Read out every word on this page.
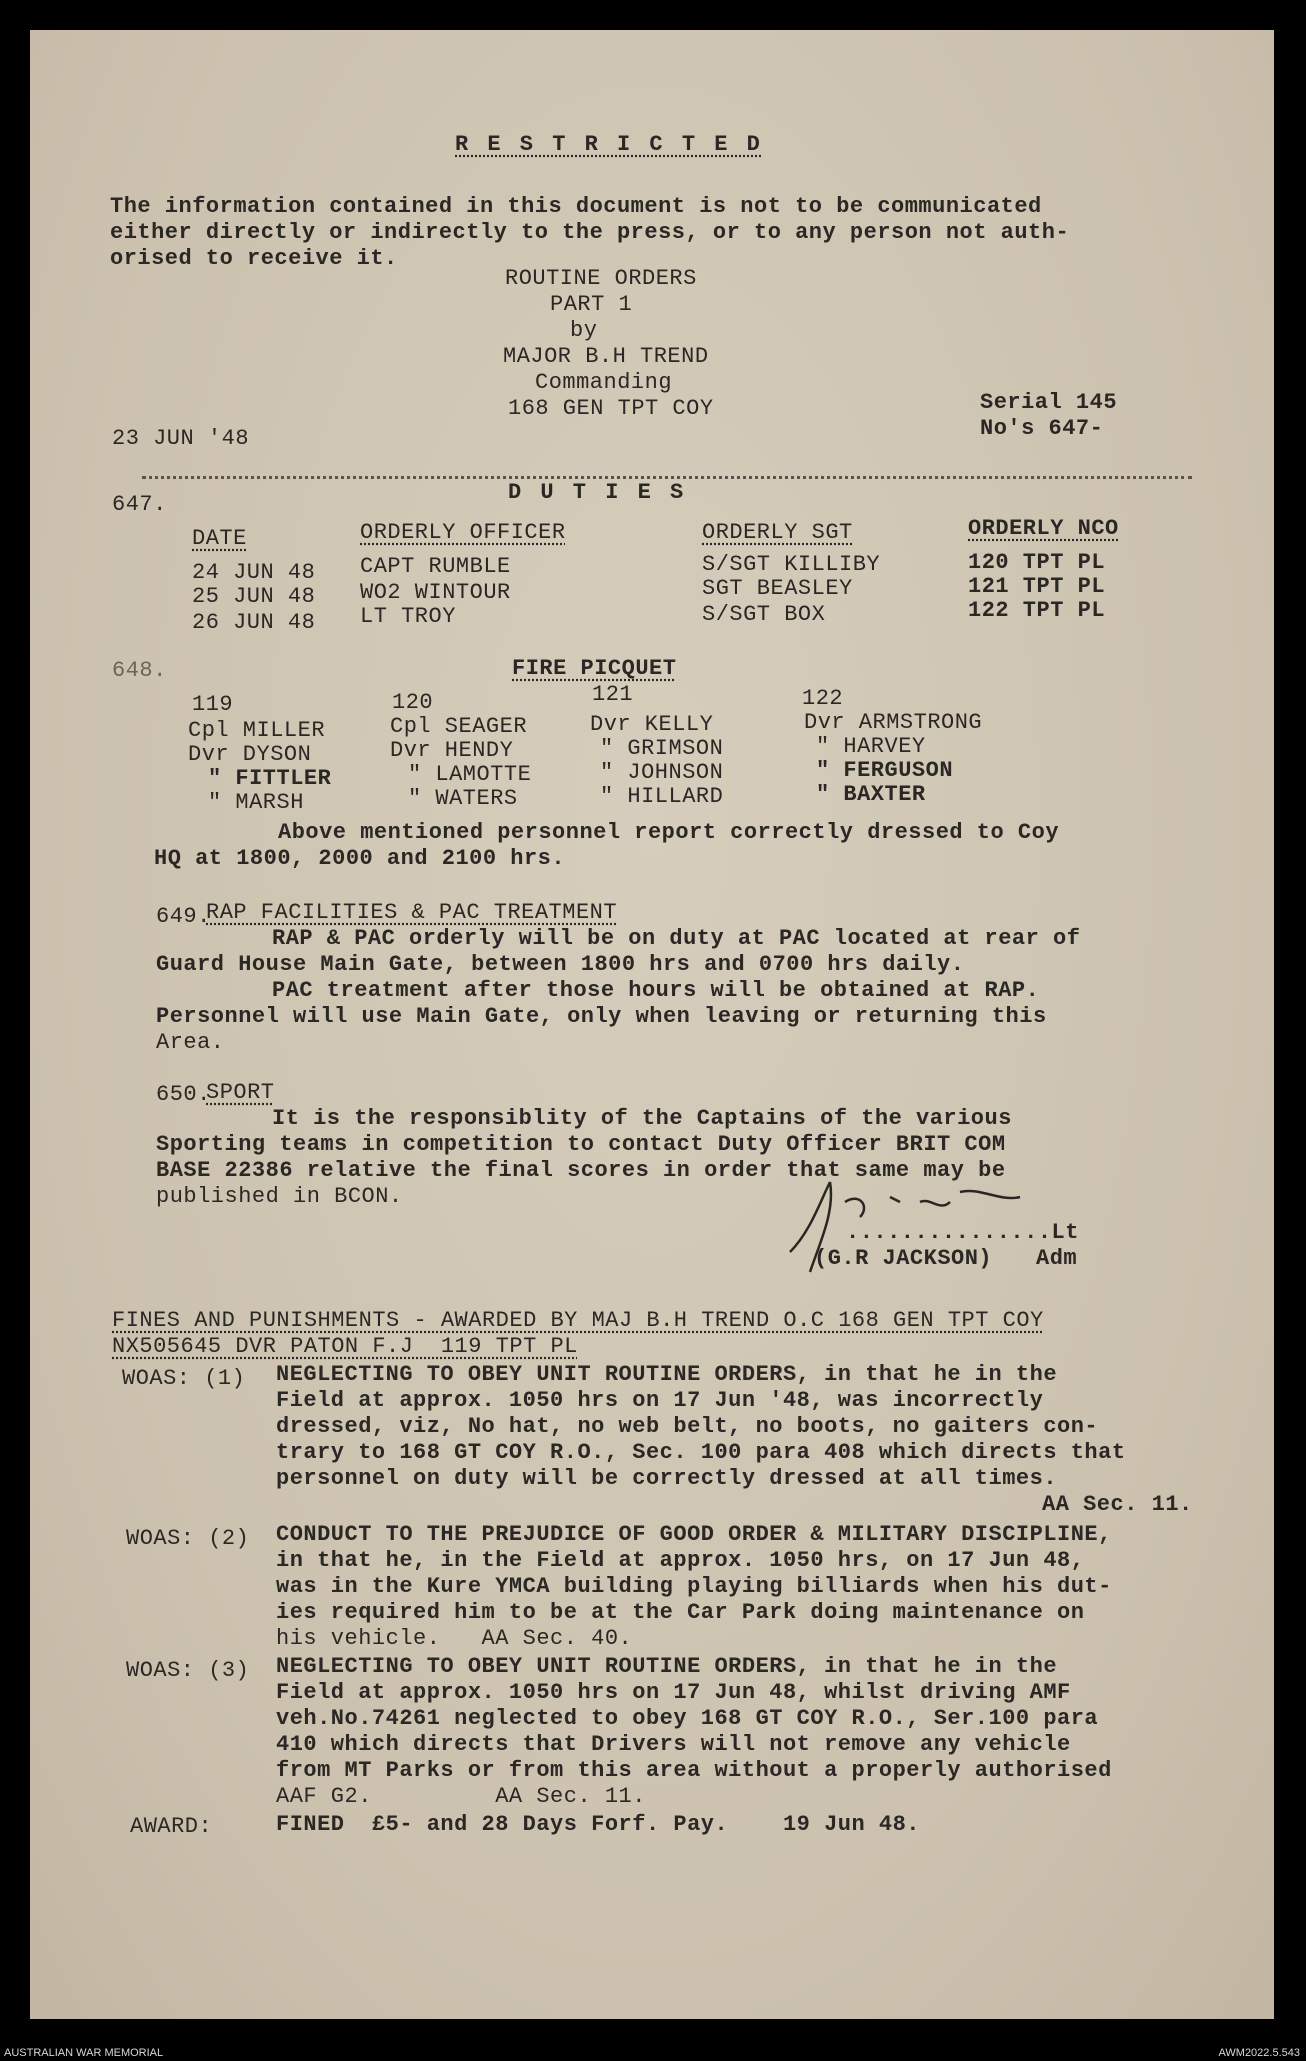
R E S T R I C T E D
The information contained in this document is not to be communicated
either directly or indirectly to the press, or to any person not auth-
orised to receive it.
ROUTINE ORDERS
PART 1
by
MAJOR B.H TREND
Commanding
168 GEN TPT COY	Serial 145
No's 647-
23 JUN '48
647.	D U T I E S
DATE	ORDERLY OFFICER	ORDERLY SGT	ORDERLY NCO
24 JUN 48 CAPT RUMBLE	S/SGT KILLIBY	120 TPT PL
25 JUN 48 WO2 WINTOUR	SGT BEASLEY	121 TPT PL
26 JUN 48 LT TROY	S/SGT BOX	122 TPT PL
648.	FIRE PICQUET
119	120	121	122
Cpl MILLER	Cpl SEAGER	Dvr KELLY	Dvr ARMSTRONG
Dvr DYSON	Dvr HENDY	" GRIMSON	" HARVEY
" FITTLER	" LAMOTTE	" JOHNSON	" FERGUSON
" MARSH	" WATERS	" HILLARD	" BAXTER
Above mentioned personnel report correctly dressed to Coy
HQ at 1800, 2000 and 2100 hrs.
649.
RAP FACILITIES & PAC TREATMENT
RAP & PAC orderly will be on duty at PAC located at rear of
Guard House Main Gate, between 1800 hrs and 0700 hrs daily.
PAC treatment after those hours will be obtained at RAP.
Personnel will use Main Gate, only when leaving or returning this
Area.
650.
SPORT
It is the responsiblity of the Captains of the various
Sporting teams in competition to contact Duty Officer BRIT COM
BASE 22386 relative the final scores in order that same may be
published in BCON.
...............Lt
(G.R JACKSON) Adm
FINES AND PUNISHMENTS - AWARDED BY MAJ B.H TREND O.C 168 GEN TPT COY
NX505645 DVR PATON F.J  119 TPT PL
WOAS: (1) NEGLECTING TO OBEY UNIT ROUTINE ORDERS, in that he in the
Field at approx. 1050 hrs on 17 Jun '48, was incorrectly
dressed, viz, No hat, no web belt, no boots, no gaiters con-
trary to 168 GT COY R.O., Sec. 100 para 408 which directs that
personnel on duty will be correctly dressed at all times.
AA Sec. 11.
WOAS: (2) CONDUCT TO THE PREJUDICE OF GOOD ORDER & MILITARY DISCIPLINE,
in that he, in the Field at approx. 1050 hrs, on 17 Jun 48,
was in the Kure YMCA building playing billiards when his dut-
ies required him to be at the Car Park doing maintenance on
his vehicle.   AA Sec. 40.
WOAS: (3) NEGLECTING TO OBEY UNIT ROUTINE ORDERS, in that he in the
Field at approx. 1050 hrs on 17 Jun 48, whilst driving AMF
veh.No.74261 neglected to obey 168 GT COY R.O., Ser.100 para
410 which directs that Drivers will not remove any vehicle
from MT Parks or from this area without a properly authorised
AAF G2.         AA Sec. 11.
AWARD:	FINED  £5- and 28 Days Forf. Pay.    19 Jun 48.
AUSTRALIAN WAR MEMORIAL	AWM2022.5.543
